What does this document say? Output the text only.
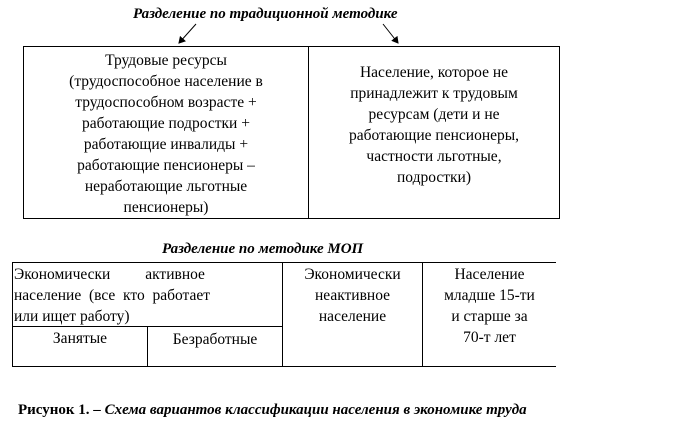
Разделение по традиционной методике
Трудовые ресурсы
(трудоспособное население в
трудоспособном возрасте +
работающие подростки +
работающие инвалиды +
работающие пенсионеры –
неработающие льготные
пенсионеры)
Население, которое не
принадлежит к трудовым
ресурсам (дети и не
работающие пенсионеры,
частности льготные,
подростки)
Разделение по методике МОП
Экономически         активное
население  (все  кто  работает
или ищет работу)
Занятые	Безработные
Экономически
неактивное
население
Население
младше 15-ти
и старше за
70-т лет
Рисунок 1. – Схема вариантов классификации населения в экономике труда
